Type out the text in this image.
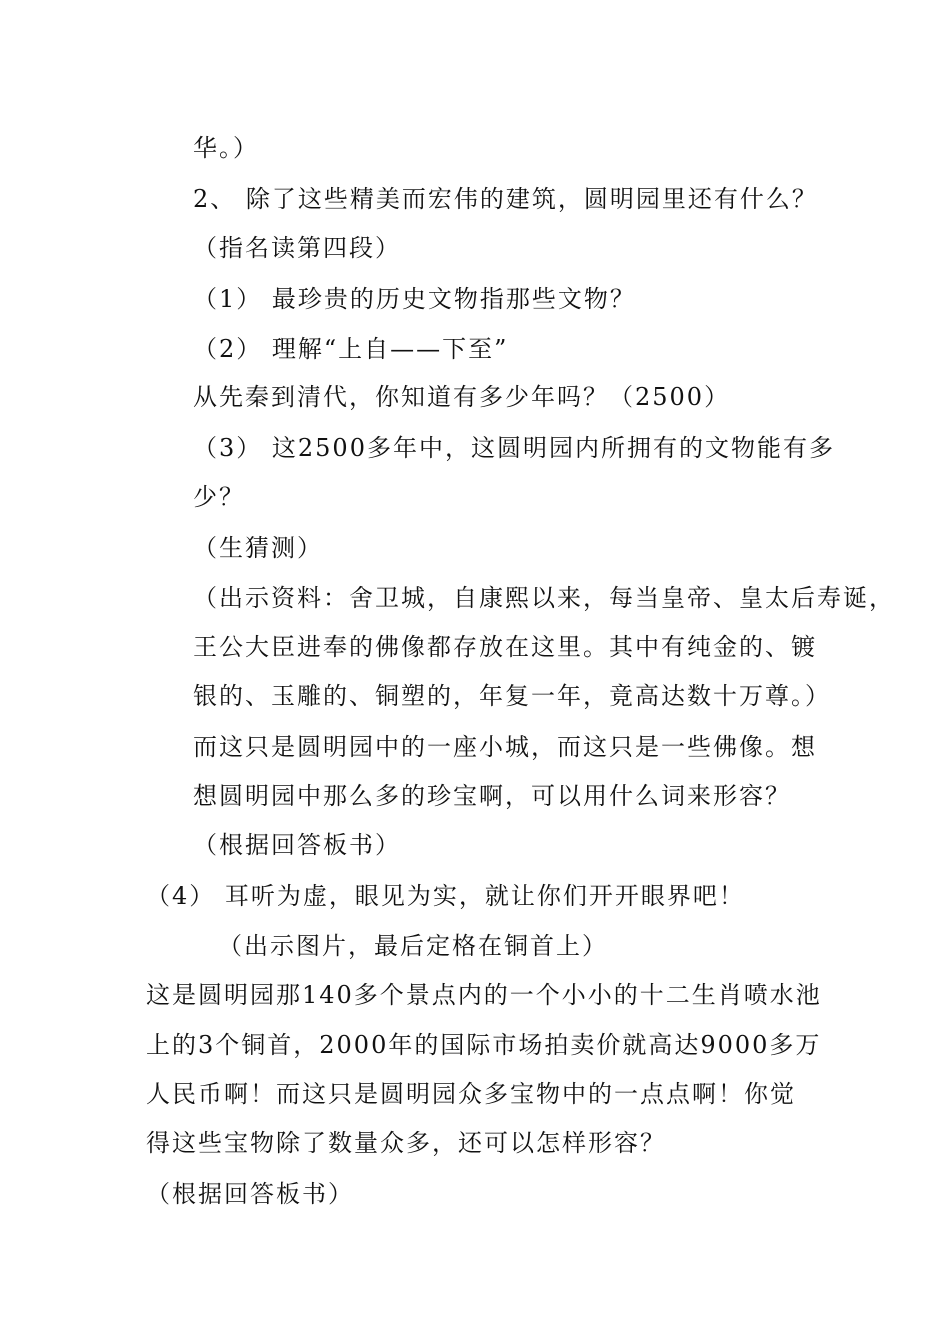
华。）
2、 除了这些精美而宏伟的建筑，圆明园里还有什么？
（指名读第四段）
（1） 最珍贵的历史文物指那些文物？
（2） 理解“上自——下至”
从先秦到清代，你知道有多少年吗？（2500）
（3） 这2500多年中，这圆明园内所拥有的文物能有多
少？
（生猜测）
（出示资料：舍卫城，自康熙以来，每当皇帝、皇太后寿诞，
王公大臣进奉的佛像都存放在这里。其中有纯金的、镀
银的、玉雕的、铜塑的，年复一年，竟高达数十万尊。）
而这只是圆明园中的一座小城，而这只是一些佛像。想
想圆明园中那么多的珍宝啊，可以用什么词来形容？
（根据回答板书）
（4） 耳听为虚，眼见为实，就让你们开开眼界吧！
（出示图片，最后定格在铜首上）
这是圆明园那140多个景点内的一个小小的十二生肖喷水池
上的3个铜首，2000年的国际市场拍卖价就高达9000多万
人民币啊！而这只是圆明园众多宝物中的一点点啊！你觉
得这些宝物除了数量众多，还可以怎样形容？
（根据回答板书）
